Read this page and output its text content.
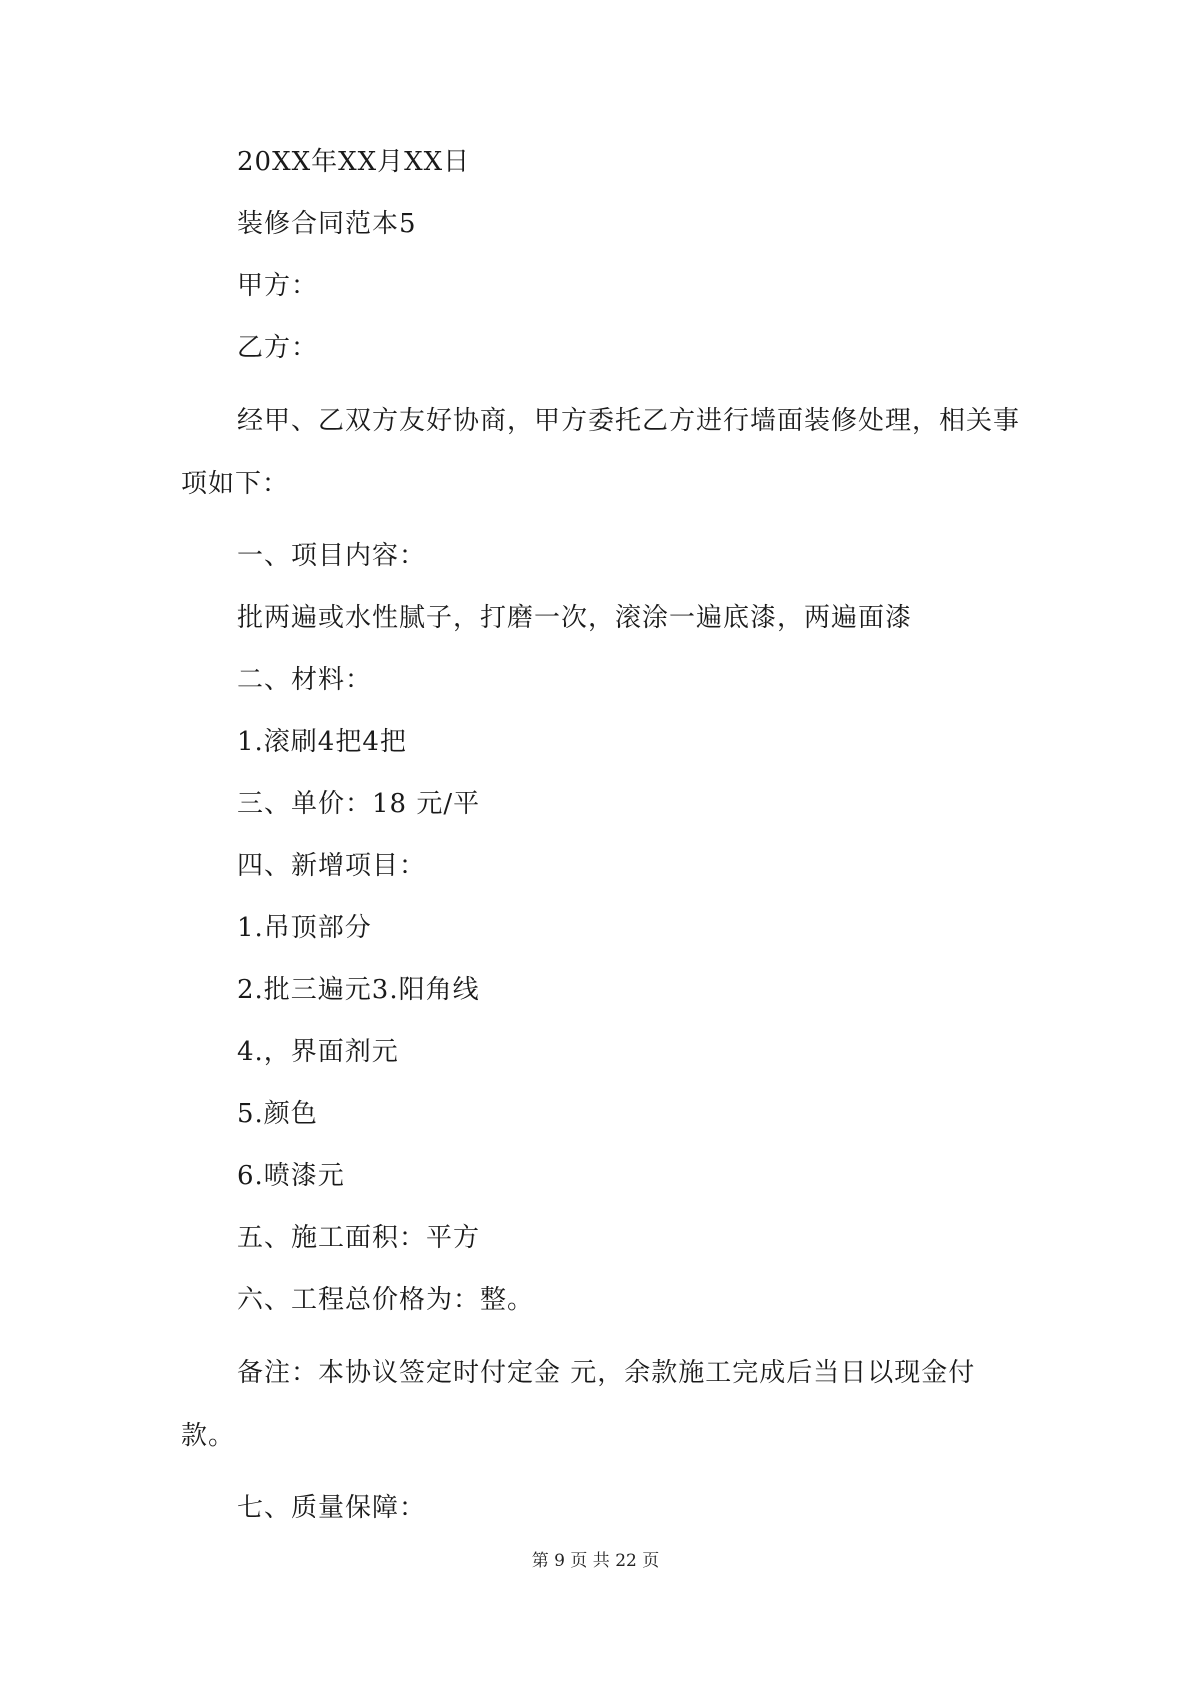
20XX年XX月XX日

装修合同范本5

甲方：

乙方：

经甲、乙双方友好协商，甲方委托乙方进行墙面装修处理，相关事项如下：

一、项目内容：

批两遍或水性腻子，打磨一次，滚涂一遍底漆，两遍面漆

二、材料：

1.滚刷4把4把

三、单价：18 元/平

四、新增项目：

1.吊顶部分

2.批三遍元3.阳角线

4.，界面剂元

5.颜色

6.喷漆元

五、施工面积：平方

六、工程总价格为：整。

备注：本协议签定时付定金 元，余款施工完成后当日以现金付款。

七、质量保障：

第 9 页 共 22 页
